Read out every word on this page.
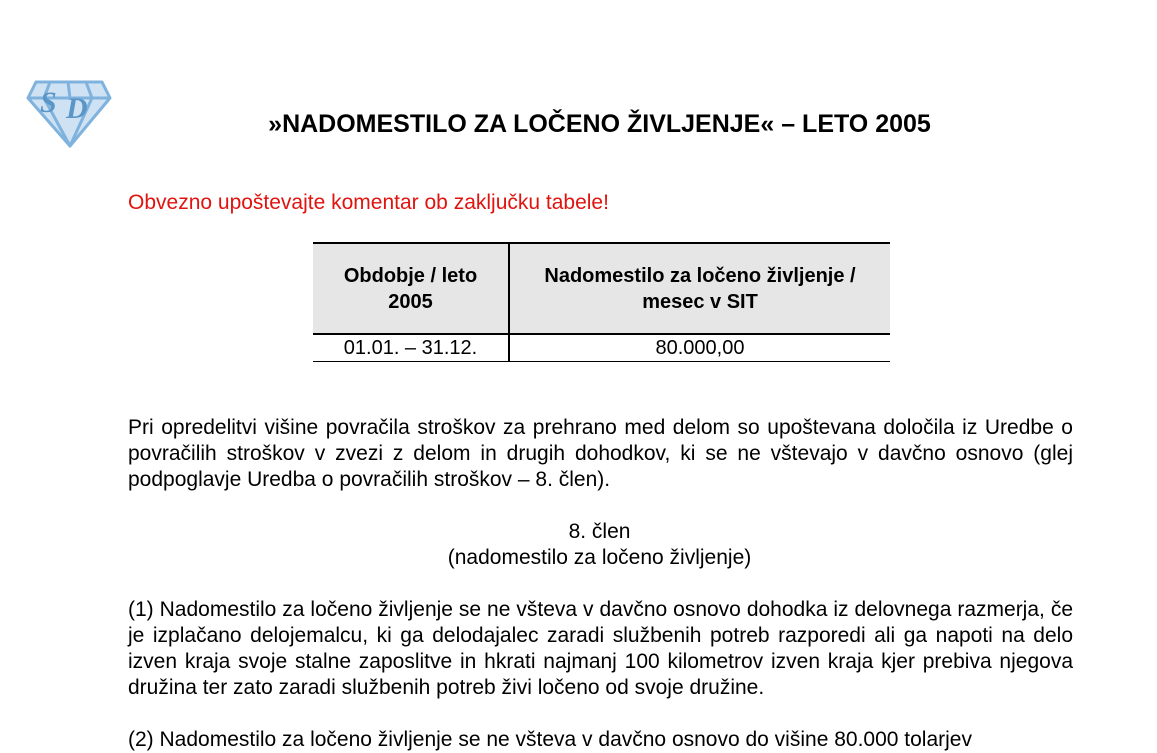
S D	»NADOMESTILO ZA LOČENO ŽIVLJENJE« – LETO 2005
Obvezno upoštevajte komentar ob zaključku tabele!
Obdobje / leto 2005	Nadomestilo za ločeno življenje / mesec v SIT
01.01. – 31.12.	80.000,00
Pri opredelitvi višine povračila stroškov za prehrano med delom so upoštevana določila iz Uredbe o povračilih stroškov v zvezi z delom in drugih dohodkov, ki se ne vštevajo v davčno osnovo (glej podpoglavje Uredba o povračilih stroškov – 8. člen).
8. člen
(nadomestilo za ločeno življenje)
(1) Nadomestilo za ločeno življenje se ne všteva v davčno osnovo dohodka iz delovnega razmerja, če je izplačano delojemalcu, ki ga delodajalec zaradi službenih potreb razporedi ali ga napoti na delo izven kraja svoje stalne zaposlitve in hkrati najmanj 100 kilometrov izven kraja kjer prebiva njegova družina ter zato zaradi službenih potreb živi ločeno od svoje družine.
(2) Nadomestilo za ločeno življenje se ne všteva v davčno osnovo do višine 80.000 tolarjev
